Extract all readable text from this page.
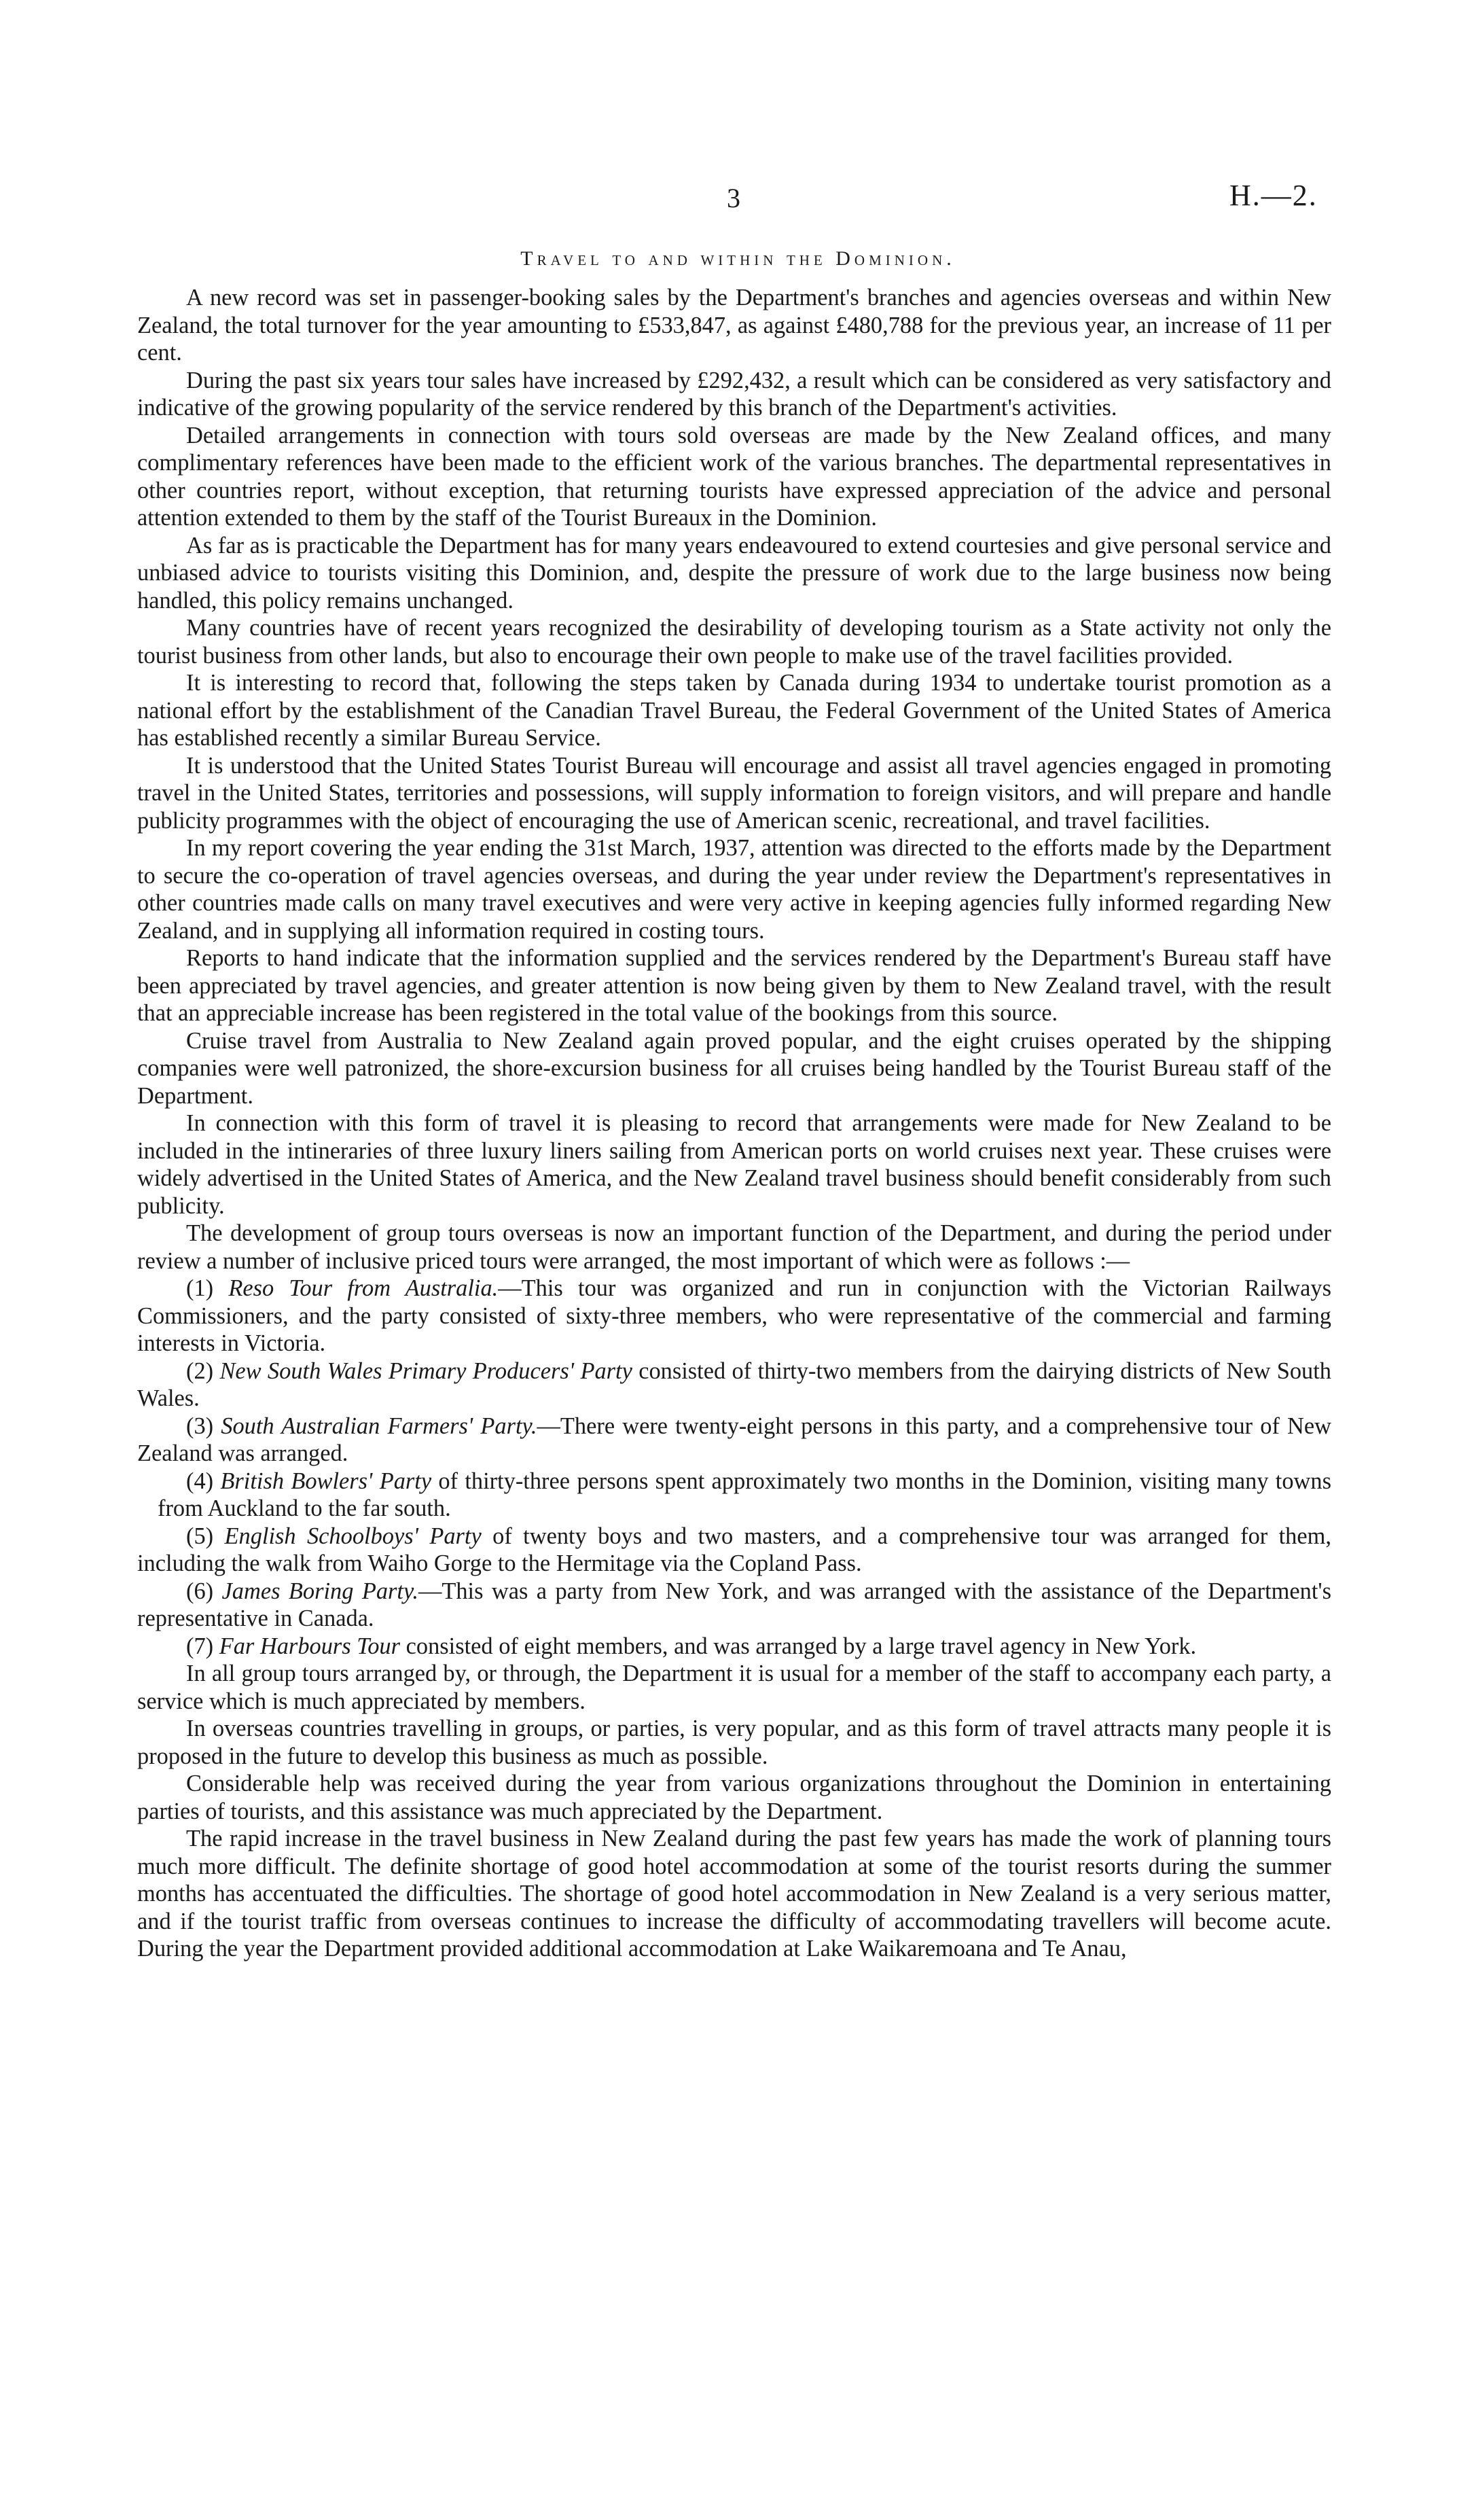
3	H.—2.
Travel to and within the Dominion.

A new record was set in passenger-booking sales by the Department's branches and agencies overseas and within New Zealand, the total turnover for the year amounting to £533,847, as against £480,788 for the previous year, an increase of 11 per cent.

During the past six years tour sales have increased by £292,432, a result which can be considered as very satisfactory and indicative of the growing popularity of the service rendered by this branch of the Department's activities.

Detailed arrangements in connection with tours sold overseas are made by the New Zealand offices, and many complimentary references have been made to the efficient work of the various branches. The departmental representatives in other countries report, without exception, that returning tourists have expressed appreciation of the advice and personal attention extended to them by the staff of the Tourist Bureaux in the Dominion.

As far as is practicable the Department has for many years endeavoured to extend courtesies and give personal service and unbiased advice to tourists visiting this Dominion, and, despite the pressure of work due to the large business now being handled, this policy remains unchanged.

Many countries have of recent years recognized the desirability of developing tourism as a State activity not only the tourist business from other lands, but also to encourage their own people to make use of the travel facilities provided.

It is interesting to record that, following the steps taken by Canada during 1934 to undertake tourist promotion as a national effort by the establishment of the Canadian Travel Bureau, the Federal Government of the United States of America has established recently a similar Bureau Service.

It is understood that the United States Tourist Bureau will encourage and assist all travel agencies engaged in promoting travel in the United States, territories and possessions, will supply information to foreign visitors, and will prepare and handle publicity programmes with the object of encouraging the use of American scenic, recreational, and travel facilities.

In my report covering the year ending the 31st March, 1937, attention was directed to the efforts made by the Department to secure the co-operation of travel agencies overseas, and during the year under review the Department's representatives in other countries made calls on many travel executives and were very active in keeping agencies fully informed regarding New Zealand, and in supplying all information required in costing tours.

Reports to hand indicate that the information supplied and the services rendered by the Department's Bureau staff have been appreciated by travel agencies, and greater attention is now being given by them to New Zealand travel, with the result that an appreciable increase has been registered in the total value of the bookings from this source.

Cruise travel from Australia to New Zealand again proved popular, and the eight cruises operated by the shipping companies were well patronized, the shore-excursion business for all cruises being handled by the Tourist Bureau staff of the Department.

In connection with this form of travel it is pleasing to record that arrangements were made for New Zealand to be included in the intineraries of three luxury liners sailing from American ports on world cruises next year. These cruises were widely advertised in the United States of America, and the New Zealand travel business should benefit considerably from such publicity.

The development of group tours overseas is now an important function of the Department, and during the period under review a number of inclusive priced tours were arranged, the most important of which were as follows :—

(1) Reso Tour from Australia.—This tour was organized and run in conjunction with the Victorian Railways Commissioners, and the party consisted of sixty-three members, who were representative of the commercial and farming interests in Victoria.

(2) New South Wales Primary Producers' Party consisted of thirty-two members from the dairying districts of New South Wales.

(3) South Australian Farmers' Party.—There were twenty-eight persons in this party, and a comprehensive tour of New Zealand was arranged.

(4) British Bowlers' Party of thirty-three persons spent approximately two months in the Dominion, visiting many towns from Auckland to the far south.

(5) English Schoolboys' Party of twenty boys and two masters, and a comprehensive tour was arranged for them, including the walk from Waiho Gorge to the Hermitage via the Copland Pass.

(6) James Boring Party.—This was a party from New York, and was arranged with the assistance of the Department's representative in Canada.

(7) Far Harbours Tour consisted of eight members, and was arranged by a large travel agency in New York.

In all group tours arranged by, or through, the Department it is usual for a member of the staff to accompany each party, a service which is much appreciated by members.

In overseas countries travelling in groups, or parties, is very popular, and as this form of travel attracts many people it is proposed in the future to develop this business as much as possible.

Considerable help was received during the year from various organizations throughout the Dominion in entertaining parties of tourists, and this assistance was much appreciated by the Department.

The rapid increase in the travel business in New Zealand during the past few years has made the work of planning tours much more difficult. The definite shortage of good hotel accommodation at some of the tourist resorts during the summer months has accentuated the difficulties. The shortage of good hotel accommodation in New Zealand is a very serious matter, and if the tourist traffic from overseas continues to increase the difficulty of accommodating travellers will become acute. During the year the Department provided additional accommodation at Lake Waikaremoana and Te Anau,
